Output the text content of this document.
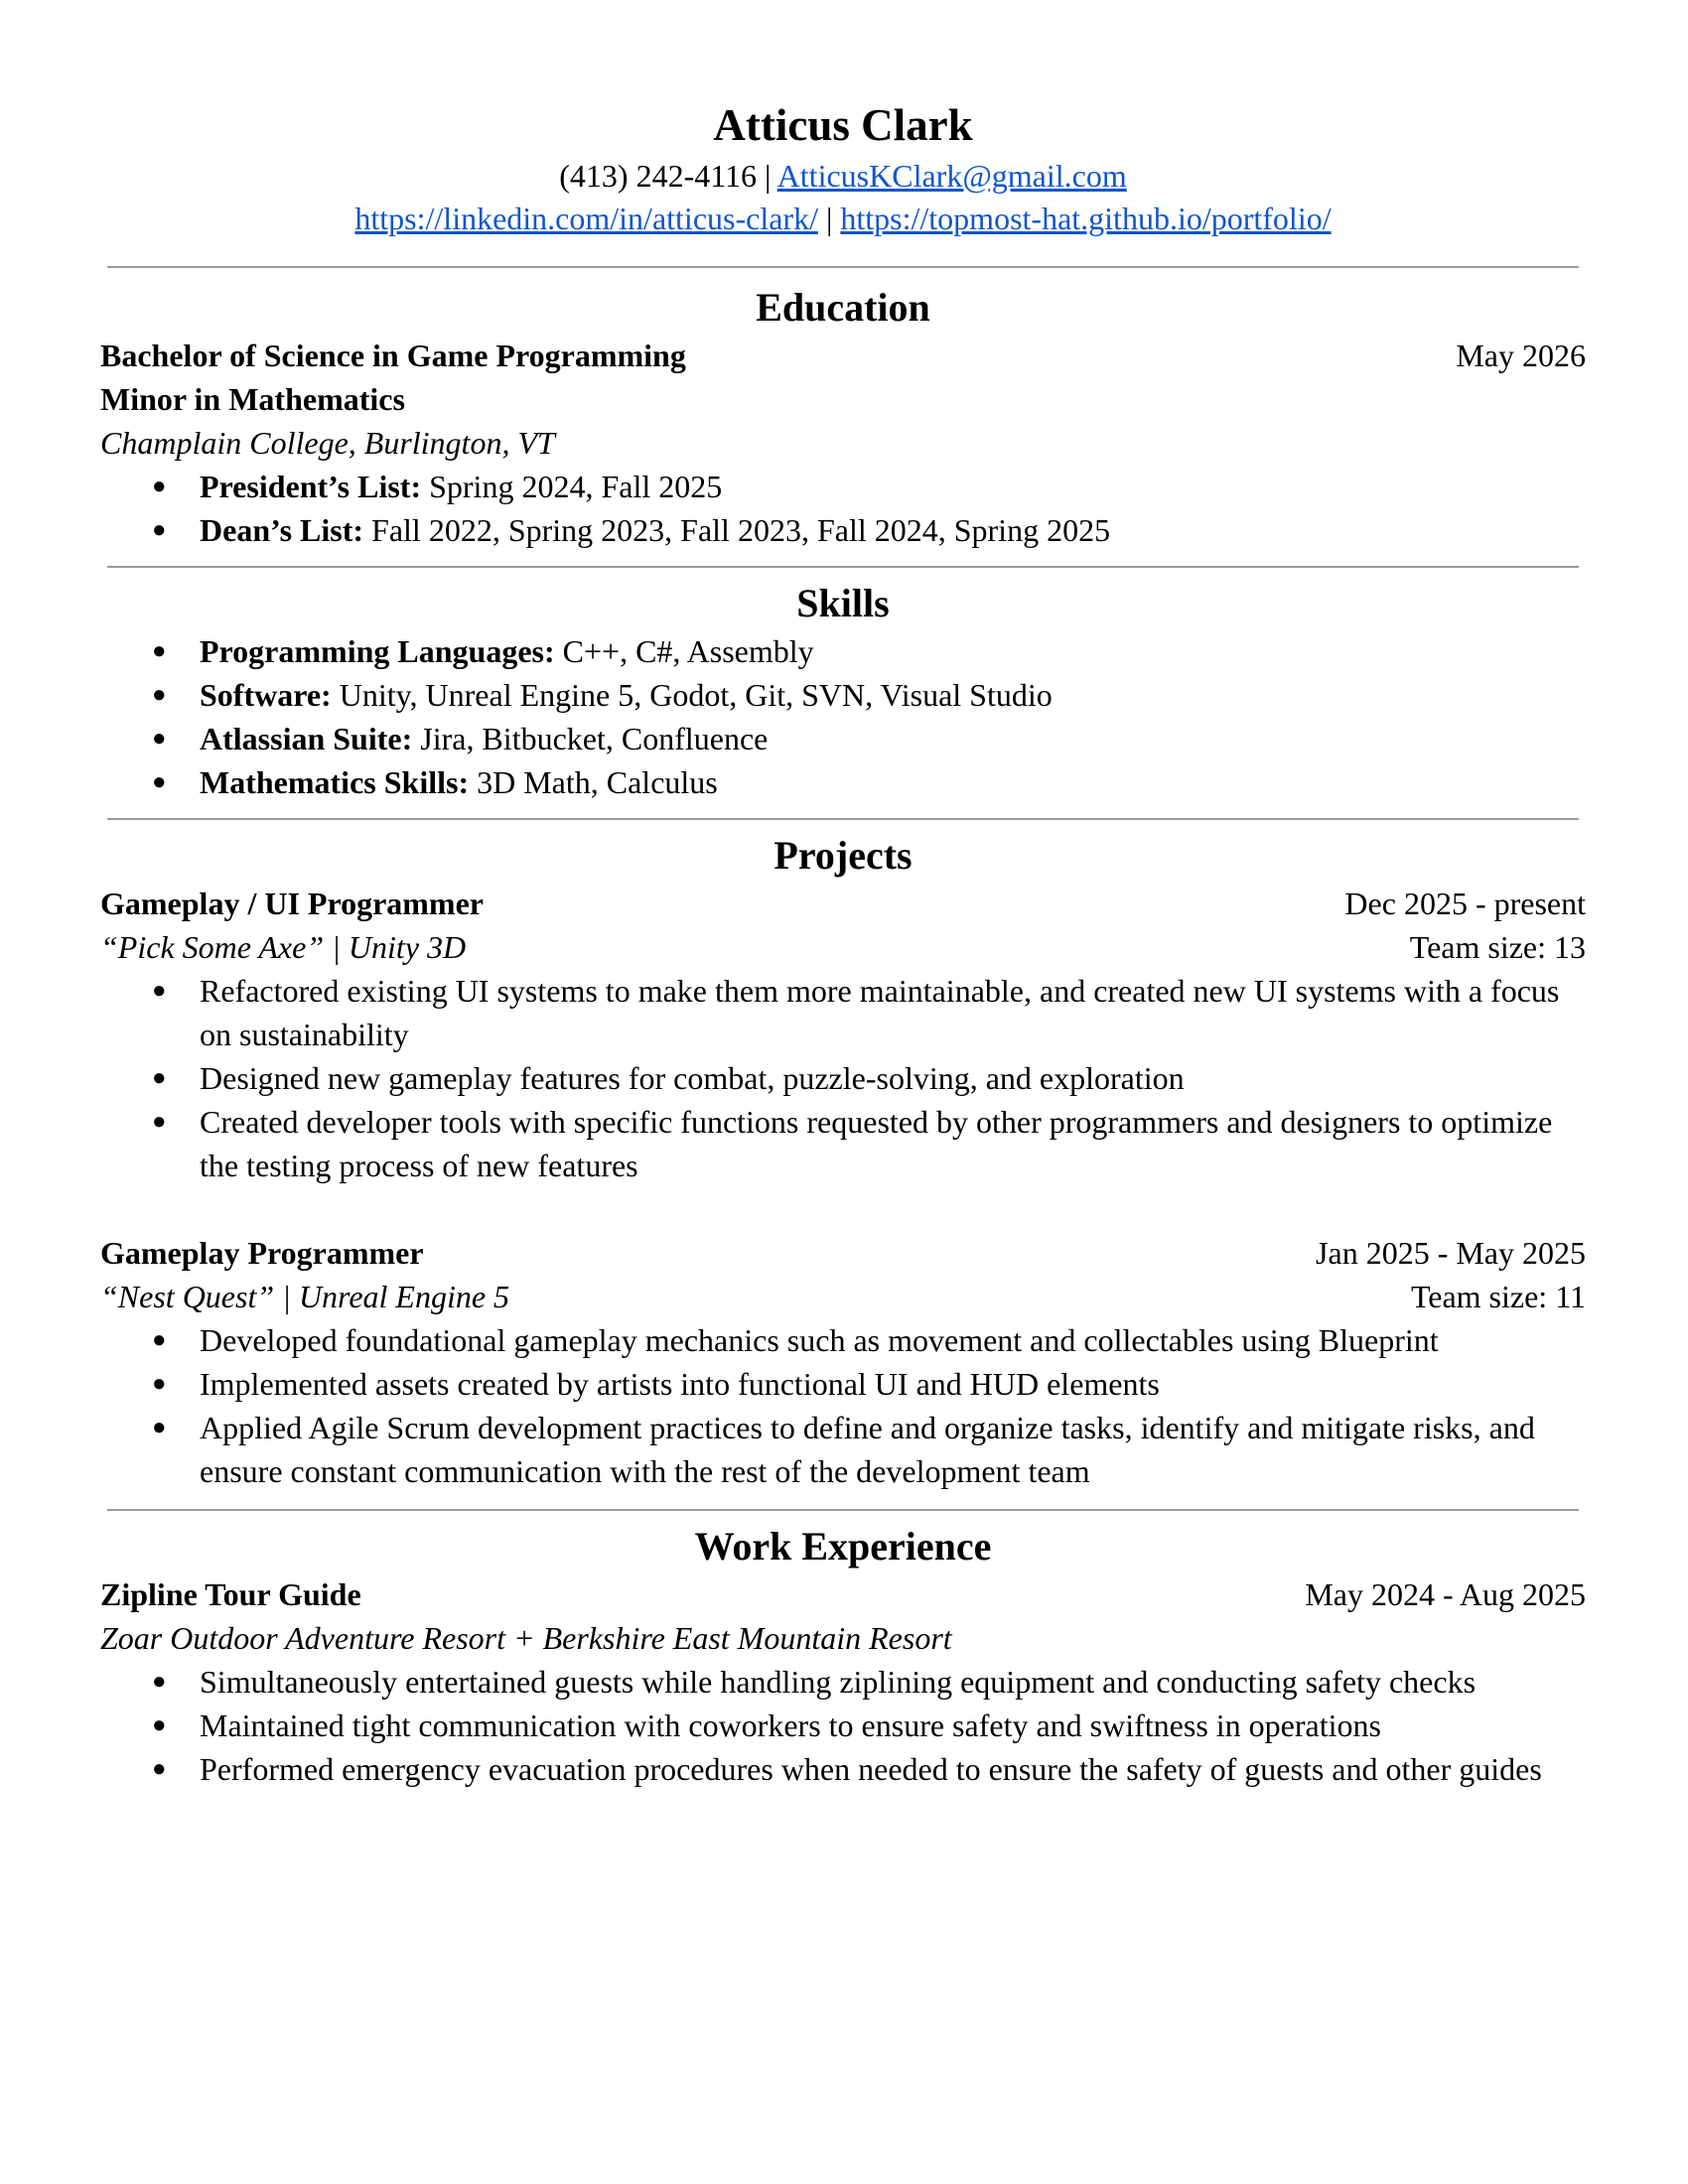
Atticus Clark
(413) 242-4116 | AtticusKClark@gmail.com
https://linkedin.com/in/atticus-clark/ | https://topmost-hat.github.io/portfolio/
Education
Bachelor of Science in Game Programming	May 2026
Minor in Mathematics
Champlain College, Burlington, VT
● President’s List: Spring 2024, Fall 2025
● Dean’s List: Fall 2022, Spring 2023, Fall 2023, Fall 2024, Spring 2025
Skills
● Programming Languages: C++, C#, Assembly
● Software: Unity, Unreal Engine 5, Godot, Git, SVN, Visual Studio
● Atlassian Suite: Jira, Bitbucket, Confluence
● Mathematics Skills: 3D Math, Calculus
Projects
Gameplay / UI Programmer	Dec 2025 - present
“Pick Some Axe” | Unity 3D	Team size: 13
● Refactored existing UI systems to make them more maintainable, and created new UI systems with a focus on sustainability
● Designed new gameplay features for combat, puzzle-solving, and exploration
● Created developer tools with specific functions requested by other programmers and designers to optimize the testing process of new features
Gameplay Programmer	Jan 2025 - May 2025
“Nest Quest” | Unreal Engine 5	Team size: 11
● Developed foundational gameplay mechanics such as movement and collectables using Blueprint
● Implemented assets created by artists into functional UI and HUD elements
● Applied Agile Scrum development practices to define and organize tasks, identify and mitigate risks, and ensure constant communication with the rest of the development team
Work Experience
Zipline Tour Guide	May 2024 - Aug 2025
Zoar Outdoor Adventure Resort + Berkshire East Mountain Resort
● Simultaneously entertained guests while handling ziplining equipment and conducting safety checks
● Maintained tight communication with coworkers to ensure safety and swiftness in operations
● Performed emergency evacuation procedures when needed to ensure the safety of guests and other guides
